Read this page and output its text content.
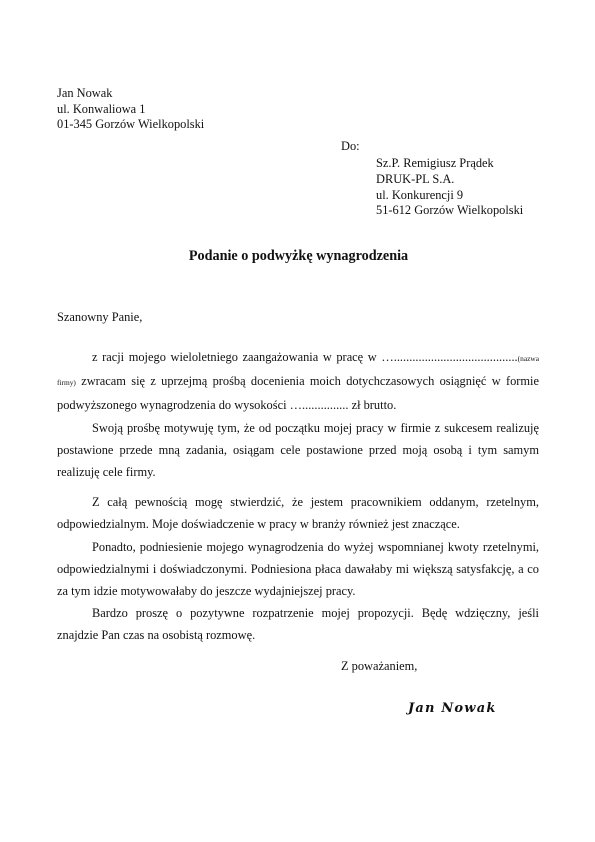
Jan Nowak
ul. Konwaliowa 1
01-345 Gorzów Wielkopolski
Do:
Sz.P. Remigiusz Prądek
DRUK-PL S.A.
ul. Konkurencji 9
51-612 Gorzów Wielkopolski
Podanie o podwyżkę wynagrodzenia
Szanowny Panie,

z racji mojego wieloletniego zaangażowania w pracę w …........................................(nazwa firmy) zwracam się z uprzejmą prośbą docenienia moich dotychczasowych osiągnięć w formie podwyższonego wynagrodzenia do wysokości …............... zł brutto.

Swoją prośbę motywuję tym, że od początku mojej pracy w firmie z sukcesem realizuję postawione przede mną zadania, osiągam cele postawione przed moją osobą i tym samym realizuję cele firmy.

Z całą pewnością mogę stwierdzić, że jestem pracownikiem oddanym, rzetelnym, odpowiedzialnym. Moje doświadczenie w pracy w branży również jest znaczące.

Ponadto, podniesienie mojego wynagrodzenia do wyżej wspomnianej kwoty rzetelnymi, odpowiedzialnymi i doświadczonymi. Podniesiona płaca dawałaby mi większą satysfakcję, a co za tym idzie motywowałaby do jeszcze wydajniejszej pracy.

Bardzo proszę o pozytywne rozpatrzenie mojej propozycji. Będę wdzięczny, jeśli znajdzie Pan czas na osobistą rozmowę.

Z poważaniem,
Jan Nowak
